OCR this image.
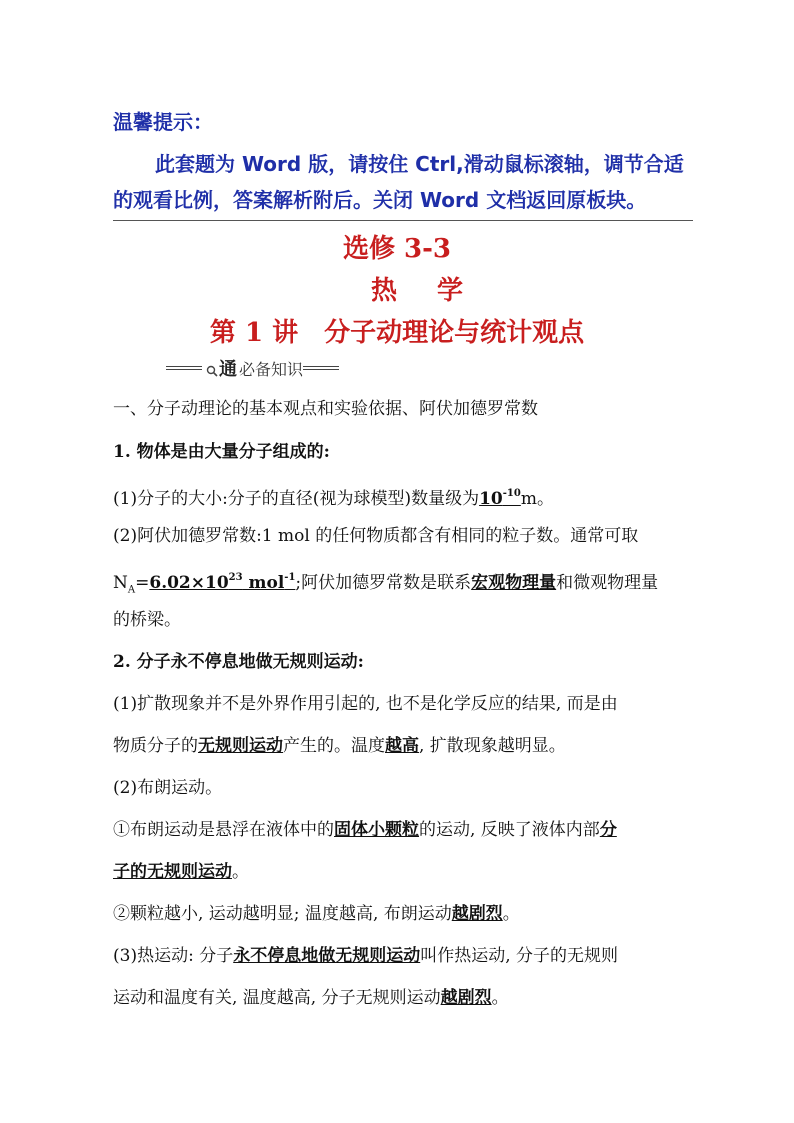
温馨提示：

此套题为 Word 版，请按住 Ctrl,滑动鼠标滚轴，调节合适的观看比例，答案解析附后。关闭 Word 文档返回原板块。

选修 3-3

热学

第 1 讲　分子动理论与统计观点

通 必备知识

一、分子动理论的基本观点和实验依据、阿伏加德罗常数

1. 物体是由大量分子组成的:

(1)分子的大小:分子的直径(视为球模型)数量级为$10^{-10}m$。

(2)阿伏加德罗常数:1 mol 的任何物质都含有相同的粒子数。通常可取

$N_A=6.02\times 10^{23}$ mol$^{-1}$;阿伏加德罗常数是联系宏观物理量和微观物理量

的桥梁。

2. 分子永不停息地做无规则运动:

(1)扩散现象并不是外界作用引起的, 也不是化学反应的结果, 而是由

物质分子的无规则运动产生的。温度越高, 扩散现象越明显。

(2)布朗运动。

①布朗运动是悬浮在液体中的固体小颗粒的运动, 反映了液体内部分

子的无规则运动。

②颗粒越小, 运动越明显; 温度越高, 布朗运动越剧烈。

(3)热运动: 分子永不停息地做无规则运动叫作热运动, 分子的无规则

运动和温度有关, 温度越高, 分子无规则运动越剧烈。
